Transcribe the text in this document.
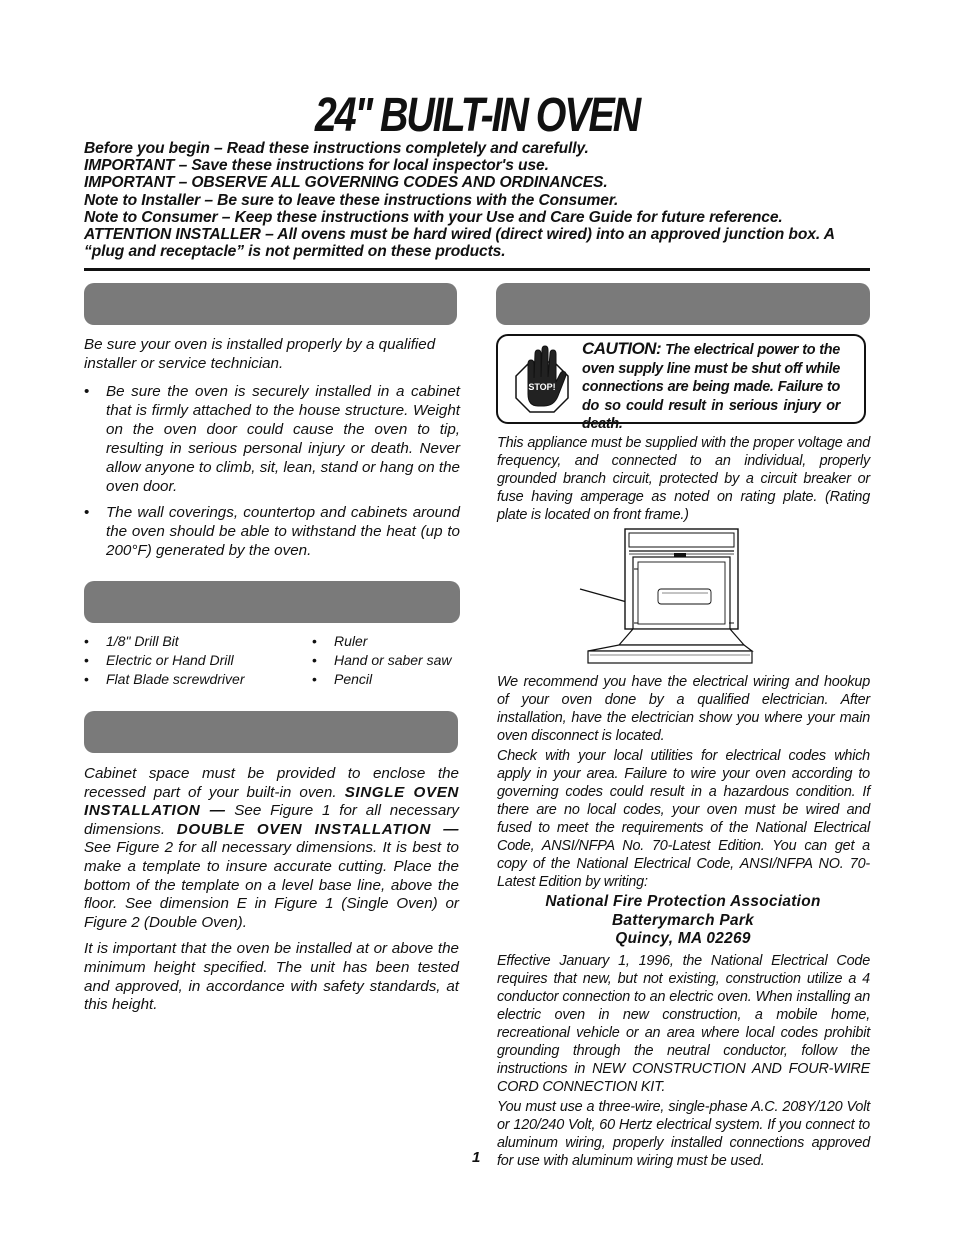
24" BUILT-IN OVEN

Before you begin – Read these instructions completely and carefully.

IMPORTANT – Save these instructions for local inspector's use.

IMPORTANT – OBSERVE ALL GOVERNING CODES AND ORDINANCES.

Note to Installer – Be sure to leave these instructions with the Consumer.

Note to Consumer – Keep these instructions with your Use and Care Guide for future reference.

ATTENTION INSTALLER – All ovens must be hard wired (direct wired) into an approved junction box. A “plug and receptacle” is not permitted on these products.

Be sure your oven is installed properly by a qualified installer or service technician.

• Be sure the oven is securely installed in a cabinet that is firmly attached to the house structure. Weight on the oven door could cause the oven to tip, resulting in serious personal injury or death. Never allow anyone to climb, sit, lean, stand or hang on the oven door.
• The wall coverings, countertop and cabinets around the oven should be able to withstand the heat (up to 200°F) generated by the oven.
• 1/8" Drill Bit	• Ruler
• Electric or Hand Drill	• Hand or saber saw
• Flat Blade screwdriver	• Pencil

Cabinet space must be provided to enclose the recessed part of your built-in oven. SINGLE OVEN INSTALLATION — See Figure 1 for all necessary dimensions. DOUBLE OVEN INSTALLATION — See Figure 2 for all necessary dimensions. It is best to make a template to insure accurate cutting. Place the bottom of the template on a level base line, above the floor. See dimension E in Figure 1 (Single Oven) or Figure 2 (Double Oven).

It is important that the oven be installed at or above the minimum height specified. The unit has been tested and approved, in accordance with safety standards, at this height.

STOP!
CAUTION: The electrical power to the oven supply line must be shut off while connections are being made. Failure to do so could result in serious injury or death.

This appliance must be supplied with the proper voltage and frequency, and connected to an individual, properly grounded branch circuit, protected by a circuit breaker or fuse having amperage as noted on rating plate. (Rating plate is located on front frame.)

We recommend you have the electrical wiring and hookup of your oven done by a qualified electrician. After installation, have the electrician show you where your main oven disconnect is located.

Check with your local utilities for electrical codes which apply in your area. Failure to wire your oven according to governing codes could result in a hazardous condition. If there are no local codes, your oven must be wired and fused to meet the requirements of the National Electrical Code, ANSI/NFPA No. 70-Latest Edition. You can get a copy of the National Electrical Code, ANSI/NFPA NO. 70-Latest Edition by writing:

National Fire Protection Association
Batterymarch Park
Quincy, MA 02269

Effective January 1, 1996, the National Electrical Code requires that new, but not existing, construction utilize a 4 conductor connection to an electric oven. When installing an electric oven in new construction, a mobile home, recreational vehicle or an area where local codes prohibit grounding through the neutral conductor, follow the instructions in NEW CONSTRUCTION AND FOUR-WIRE CORD CONNECTION KIT.

You must use a three-wire, single-phase A.C. 208Y/120 Volt or 120/240 Volt, 60 Hertz electrical system. If you connect to aluminum wiring, properly installed connections approved for use with aluminum wiring must be used.

1
